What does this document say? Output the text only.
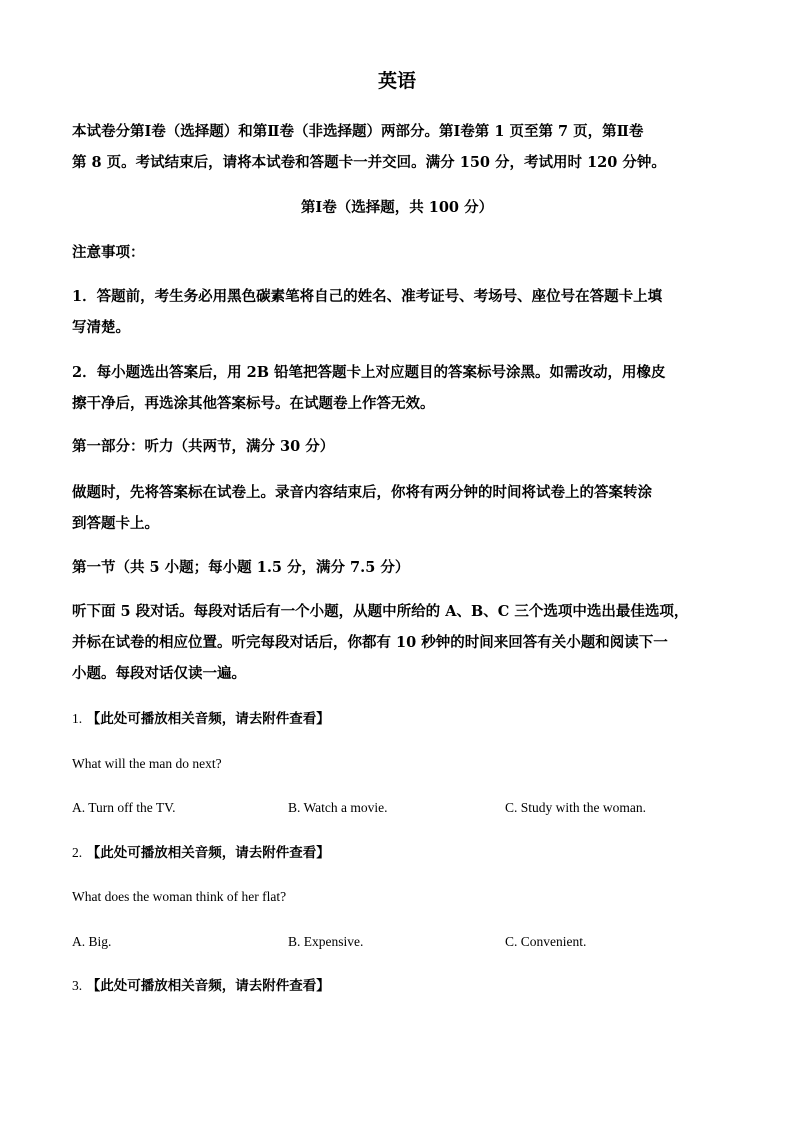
英语
本试卷分第Ⅰ卷（选择题）和第Ⅱ卷（非选择题）两部分。第Ⅰ卷第 1 页至第 7 页，第Ⅱ卷
第 8 页。考试结束后，请将本试卷和答题卡一并交回。满分 150 分，考试用时 120 分钟。
第Ⅰ卷（选择题，共 100 分）
注意事项：
1．答题前，考生务必用黑色碳素笔将自己的姓名、准考证号、考场号、座位号在答题卡上填
写清楚。
2．每小题选出答案后，用 2B 铅笔把答题卡上对应题目的答案标号涂黑。如需改动，用橡皮
擦干净后，再选涂其他答案标号。在试题卷上作答无效。
第一部分：听力（共两节，满分 30 分）
做题时，先将答案标在试卷上。录音内容结束后，你将有两分钟的时间将试卷上的答案转涂
到答题卡上。
第一节（共 5 小题；每小题 1.5 分，满分 7.5 分）
听下面 5 段对话。每段对话后有一个小题，从题中所给的 A、B、C 三个选项中选出最佳选项，
并标在试卷的相应位置。听完每段对话后，你都有 10 秒钟的时间来回答有关小题和阅读下一
小题。每段对话仅读一遍。
1. 【此处可播放相关音频，请去附件查看】
What will the man do next?
A. Turn off the TV.	B. Watch a movie.	C. Study with the woman.
2. 【此处可播放相关音频，请去附件查看】
What does the woman think of her flat?
A. Big.	B. Expensive.	C. Convenient.
3. 【此处可播放相关音频，请去附件查看】
